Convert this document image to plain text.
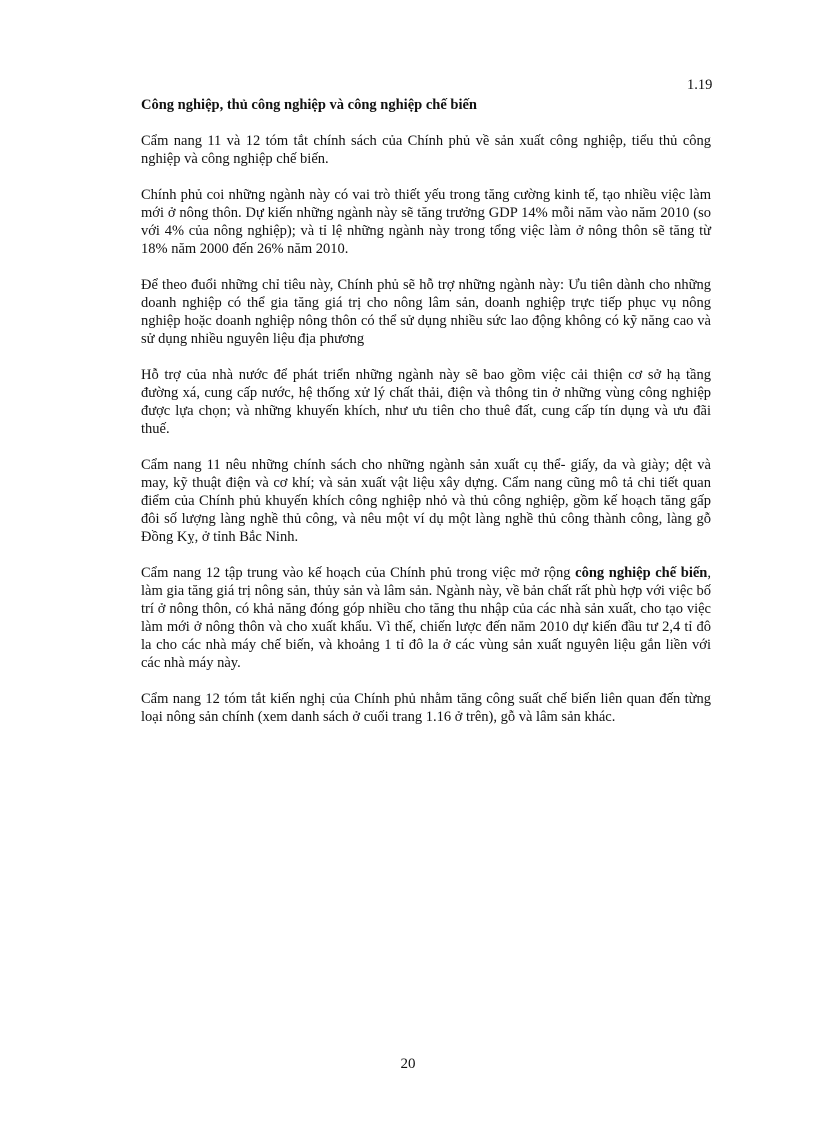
1.19

Công nghiệp, thủ công nghiệp và công nghiệp chế biến

Cẩm nang 11 và 12 tóm tắt chính sách của Chính phủ về sản xuất công nghiệp, tiểu thủ công nghiệp và công nghiệp chế biến.

Chính phủ coi những ngành này có vai trò thiết yếu trong tăng cường kinh tế, tạo nhiều việc làm mới ở nông thôn. Dự kiến những ngành này sẽ tăng trưởng GDP 14% mỗi năm vào năm 2010 (so với 4% của nông nghiệp); và tỉ lệ những ngành này trong tổng việc làm ở nông thôn sẽ tăng từ 18% năm 2000 đến 26% năm 2010.

Để theo đuổi những chỉ tiêu này, Chính phủ sẽ hỗ trợ những ngành này: Ưu tiên dành cho những doanh nghiệp có thể gia tăng giá trị cho nông lâm sản, doanh nghiệp trực tiếp phục vụ nông nghiệp hoặc doanh nghiệp nông thôn có thể sử dụng nhiều sức lao động không có kỹ năng cao và sử dụng nhiều nguyên liệu địa phương

Hỗ trợ của nhà nước để phát triển những ngành này sẽ bao gồm việc cải thiện cơ sở hạ tầng đường xá, cung cấp nước, hệ thống xử lý chất thải, điện và thông tin ở những vùng công nghiệp được lựa chọn; và những khuyến khích, như ưu tiên cho thuê đất, cung cấp tín dụng và ưu đãi thuế.

Cẩm nang 11 nêu những chính sách cho những ngành sản xuất cụ thể- giấy, da và giày; dệt và may, kỹ thuật điện và cơ khí; và sản xuất vật liệu xây dựng. Cẩm nang cũng mô tả chi tiết quan điểm của Chính phủ khuyến khích công nghiệp nhỏ và thủ công nghiệp, gồm kế hoạch tăng gấp đôi số lượng làng nghề thủ công, và nêu một ví dụ một làng nghề thủ công thành công, làng gỗ Đồng Kỵ, ở tỉnh Bắc Ninh.

Cẩm nang 12 tập trung vào kế hoạch của Chính phủ trong việc mở rộng công nghiệp chế biến, làm gia tăng giá trị nông sản, thủy sản và lâm sản. Ngành này, về bản chất rất phù hợp với việc bố trí ở nông thôn, có khả năng đóng góp nhiều cho tăng thu nhập của các nhà sản xuất, cho tạo việc làm mới ở nông thôn và cho xuất khẩu. Vì thế, chiến lược đến năm 2010 dự kiến đầu tư 2,4 tỉ đô la cho các nhà máy chế biến, và khoảng 1 tỉ đô la ở các vùng sản xuất nguyên liệu gắn liền với các nhà máy này.

Cẩm nang 12 tóm tắt kiến nghị của Chính phủ nhằm tăng công suất chế biến liên quan đến từng loại nông sản chính (xem danh sách ở cuối trang 1.16 ở trên), gỗ và lâm sản khác.

20
